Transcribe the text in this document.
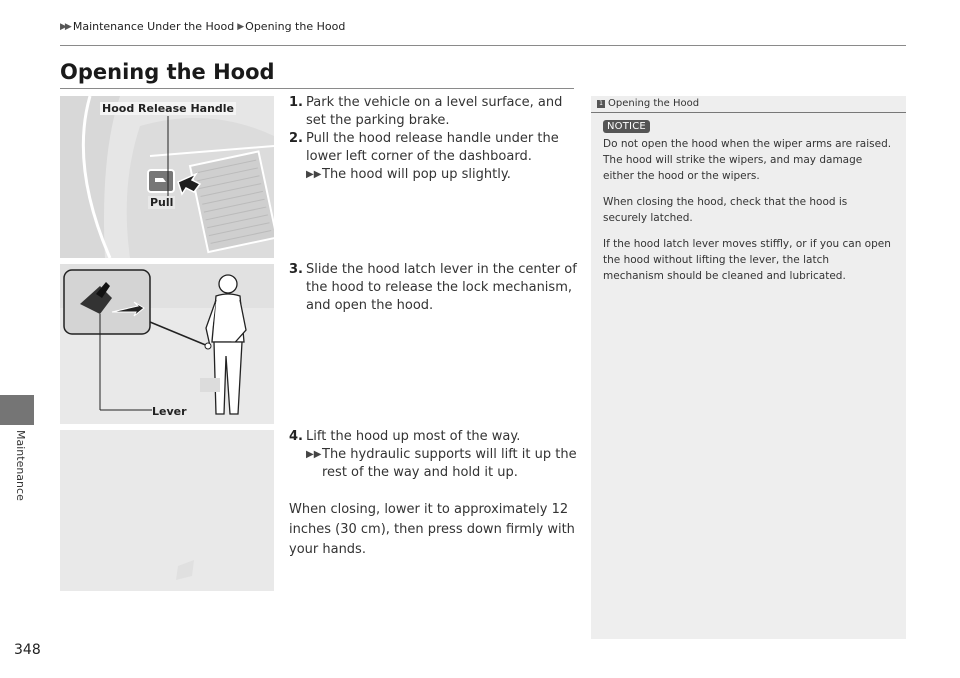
▶▶ Maintenance Under the Hood ▶ Opening the Hood
Maintenance
Opening the Hood
Hood Release Handle
Pull
Lever
1. Park the vehicle on a level surface, and set the parking brake.
2. Pull the hood release handle under the lower left corner of the dashboard.
▶▶ The hood will pop up slightly.
3. Slide the hood latch lever in the center of the hood to release the lock mechanism, and open the hood.
4. Lift the hood up most of the way.
▶▶ The hydraulic supports will lift it up the rest of the way and hold it up.
When closing, lower it to approximately 12 inches (30 cm), then press down firmly with your hands.
1 Opening the Hood
NOTICE

Do not open the hood when the wiper arms are raised.
The hood will strike the wipers, and may damage either the hood or the wipers.

When closing the hood, check that the hood is securely latched.

If the hood latch lever moves stiffly, or if you can open the hood without lifting the lever, the latch mechanism should be cleaned and lubricated.

348
